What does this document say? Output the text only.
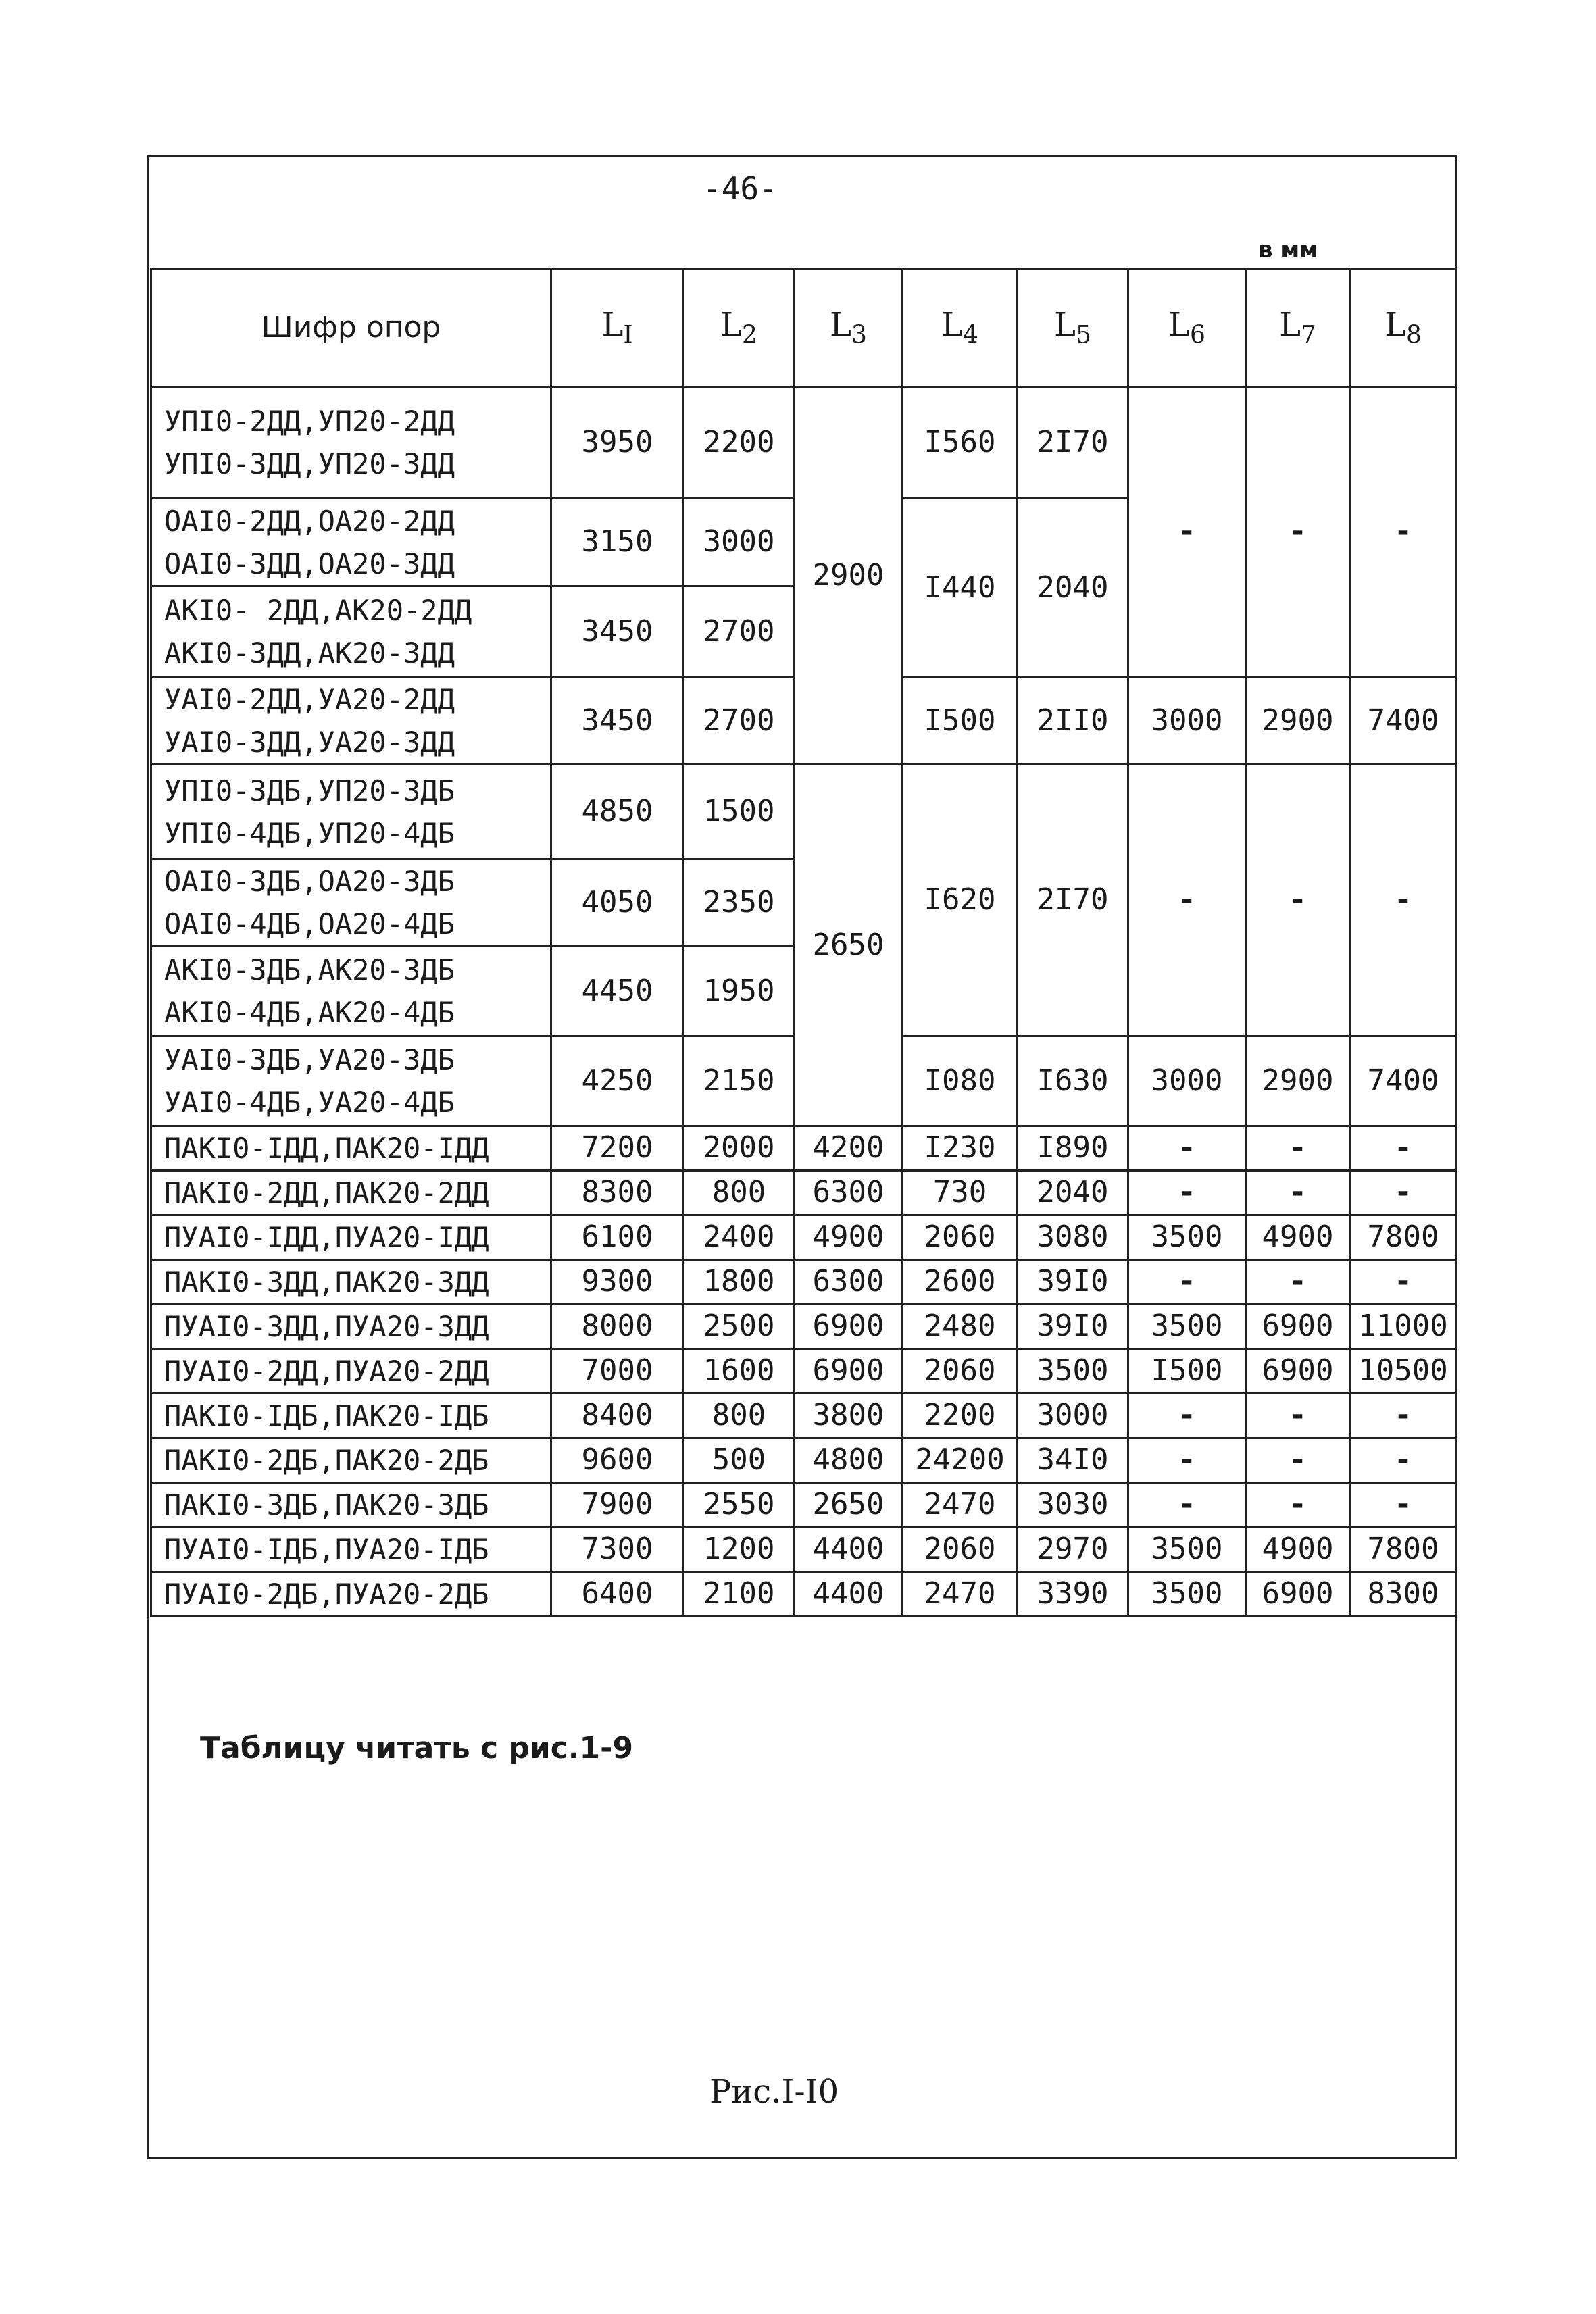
-46-
в мм
Шифр опор	$L_I$	$L_2$	$L_3$	$L_4$	$L_5$	$L_6$	$L_7$	$L_8$

УПI0-2ДД,УП20-2ДД
УПI0-3ДД,УП20-3ДД	3950	2200	2900	I560	2I70	-	-	-

ОАI0-2ДД,ОА20-2ДД
ОАI0-3ДД,ОА20-3ДД	3150	3000		I440	2040			

АКI0- 2ДД,АК20-2ДД
АКI0-3ДД,АК20-3ДД	3450	2700						

УАI0-2ДД,УА20-2ДД
УАI0-3ДД,УА20-3ДД	3450	2700		I500	2II0	3000	2900	7400

УПI0-3ДБ,УП20-3ДБ
УПI0-4ДБ,УП20-4ДБ	4850	1500	2650	I620	2I70	-	-	-

ОАI0-3ДБ,ОА20-3ДБ
ОАI0-4ДБ,ОА20-4ДБ	4050	2350						

АКI0-3ДБ,АК20-3ДБ
АКI0-4ДБ,АК20-4ДБ	4450	1950						

УАI0-3ДБ,УА20-3ДБ
УАI0-4ДБ,УА20-4ДБ	4250	2150		I080	I630	3000	2900	7400
ПАКI0-IДД,ПАК20-IДД	7200	2000	4200	I230	I890	-	-	-
ПАКI0-2ДД,ПАК20-2ДД	8300	800	6300	730	2040	-	-	-
ПУАI0-IДД,ПУА20-IДД	6100	2400	4900	2060	3080	3500	4900	7800
ПАКI0-3ДД,ПАК20-3ДД	9300	1800	6300	2600	39I0	-	-	-
ПУАI0-3ДД,ПУА20-3ДД	8000	2500	6900	2480	39I0	3500	6900	11000
ПУАI0-2ДД,ПУА20-2ДД	7000	1600	6900	2060	3500	I500	6900	10500
ПАКI0-IДБ,ПАК20-IДБ	8400	800	3800	2200	3000	-	-	-
ПАКI0-2ДБ,ПАК20-2ДБ	9600	500	4800	24200	34I0	-	-	-
ПАКI0-3ДБ,ПАК20-3ДБ	7900	2550	2650	2470	3030	-	-	-
ПУАI0-IДБ,ПУА20-IДБ	7300	1200	4400	2060	2970	3500	4900	7800
ПУАI0-2ДБ,ПУА20-2ДБ	6400	2100	4400	2470	3390	3500	6900	8300
Таблицу читать с рис.1-9
Рис.I-I0
